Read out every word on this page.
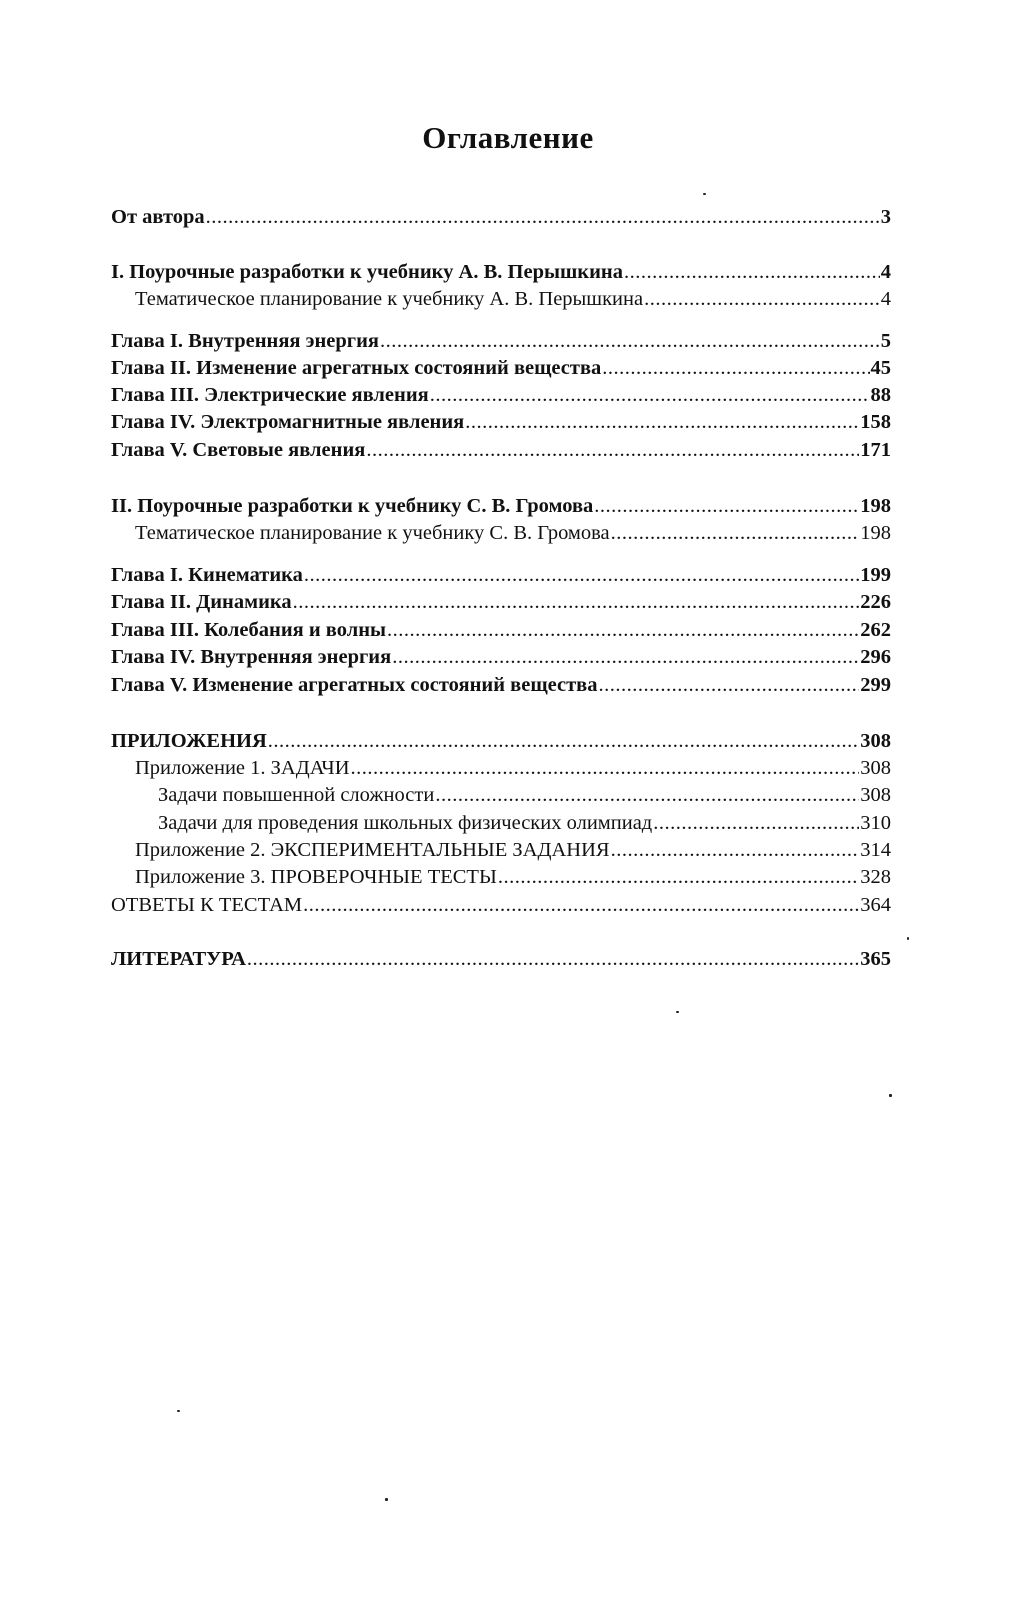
Оглавление
От автора .....	3
I. Поурочные разработки к учебнику А. В. Перышкина .....	4
Тематическое планирование к учебнику А. В. Перышкина .....	4
Глава I. Внутренняя энергия .....	5
Глава II. Изменение агрегатных состояний вещества .....	45
Глава III. Электрические явления .....	88
Глава IV. Электромагнитные явления .....	158
Глава V. Световые явления .....	171
II. Поурочные разработки к учебнику С. В. Громова .....	198
Тематическое планирование к учебнику С. В. Громова .....	198
Глава I. Кинематика .....	199
Глава II. Динамика .....	226
Глава III. Колебания и волны .....	262
Глава IV. Внутренняя энергия .....	296
Глава V. Изменение агрегатных состояний вещества .....	299
ПРИЛОЖЕНИЯ .....	308
Приложение 1. ЗАДАЧИ .....	308
Задачи повышенной сложности .....	308
Задачи для проведения школьных физических олимпиад .....	310
Приложение 2. ЭКСПЕРИМЕНТАЛЬНЫЕ ЗАДАНИЯ .....	314
Приложение 3. ПРОВЕРОЧНЫЕ ТЕСТЫ .....	328
ОТВЕТЫ К ТЕСТАМ .....	364
ЛИТЕРАТУРА .....	365
